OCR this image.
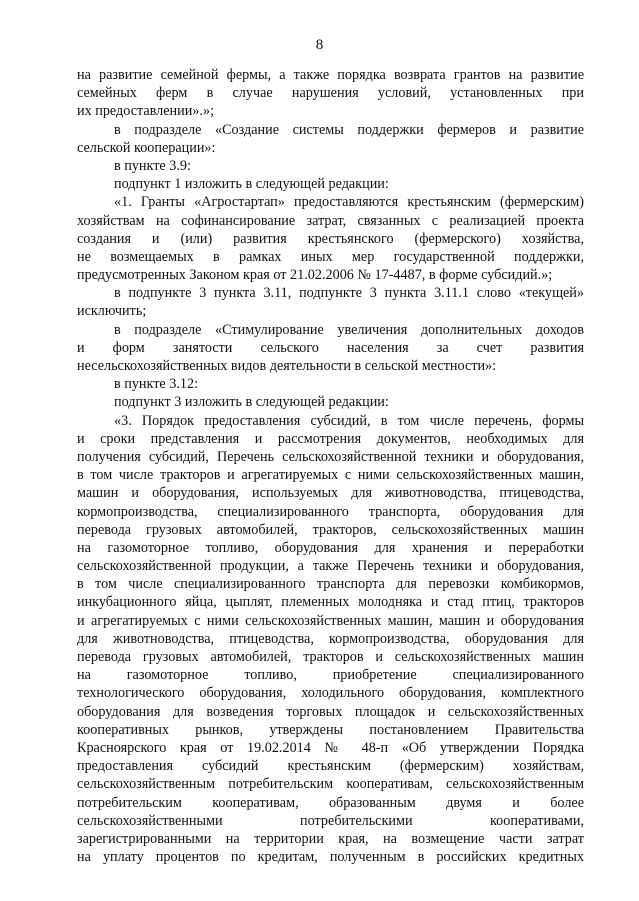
8
на развитие семейной фермы, а также порядка возврата грантов на развитие
семейных ферм в случае нарушения условий, установленных при
их предоставлении».»;
в подразделе «Создание системы поддержки фермеров и развитие
сельской кооперации»:
в пункте 3.9:
подпункт 1 изложить в следующей редакции:
«1. Гранты «Агростартап» предоставляются крестьянским (фермерским)
хозяйствам на софинансирование затрат, связанных с реализацией проекта
создания и (или) развития крестьянского (фермерского) хозяйства,
не возмещаемых в рамках иных мер государственной поддержки,
предусмотренных Законом края от 21.02.2006 № 17-4487, в форме субсидий.»;
в подпункте 3 пункта 3.11, подпункте 3 пункта 3.11.1 слово «текущей»
исключить;
в подразделе «Стимулирование увеличения дополнительных доходов
и форм занятости сельского населения за счет развития
несельскохозяйственных видов деятельности в сельской местности»:
в пункте 3.12:
подпункт 3 изложить в следующей редакции:
«3. Порядок предоставления субсидий, в том числе перечень, формы
и сроки представления и рассмотрения документов, необходимых для
получения субсидий, Перечень сельскохозяйственной техники и оборудования,
в том числе тракторов и агрегатируемых с ними сельскохозяйственных машин,
машин и оборудования, используемых для животноводства, птицеводства,
кормопроизводства, специализированного транспорта, оборудования для
перевода грузовых автомобилей, тракторов, сельскохозяйственных машин
на газомоторное топливо, оборудования для хранения и переработки
сельскохозяйственной продукции, а также Перечень техники и оборудования,
в том числе специализированного транспорта для перевозки комбикормов,
инкубационного яйца, цыплят, племенных молодняка и стад птиц, тракторов
и агрегатируемых с ними сельскохозяйственных машин, машин и оборудования
для животноводства, птицеводства, кормопроизводства, оборудования для
перевода грузовых автомобилей, тракторов и сельскохозяйственных машин
на газомоторное топливо, приобретение специализированного
технологического оборудования, холодильного оборудования, комплектного
оборудования для возведения торговых площадок и сельскохозяйственных
кооперативных рынков, утверждены постановлением Правительства
Красноярского края от 19.02.2014 № 48-п «Об утверждении Порядка
предоставления субсидий крестьянским (фермерским) хозяйствам,
сельскохозяйственным потребительским кооперативам, сельскохозяйственным
потребительским кооперативам, образованным двумя и более
сельскохозяйственными потребительскими кооперативами,
зарегистрированными на территории края, на возмещение части затрат
на уплату процентов по кредитам, полученным в российских кредитных
